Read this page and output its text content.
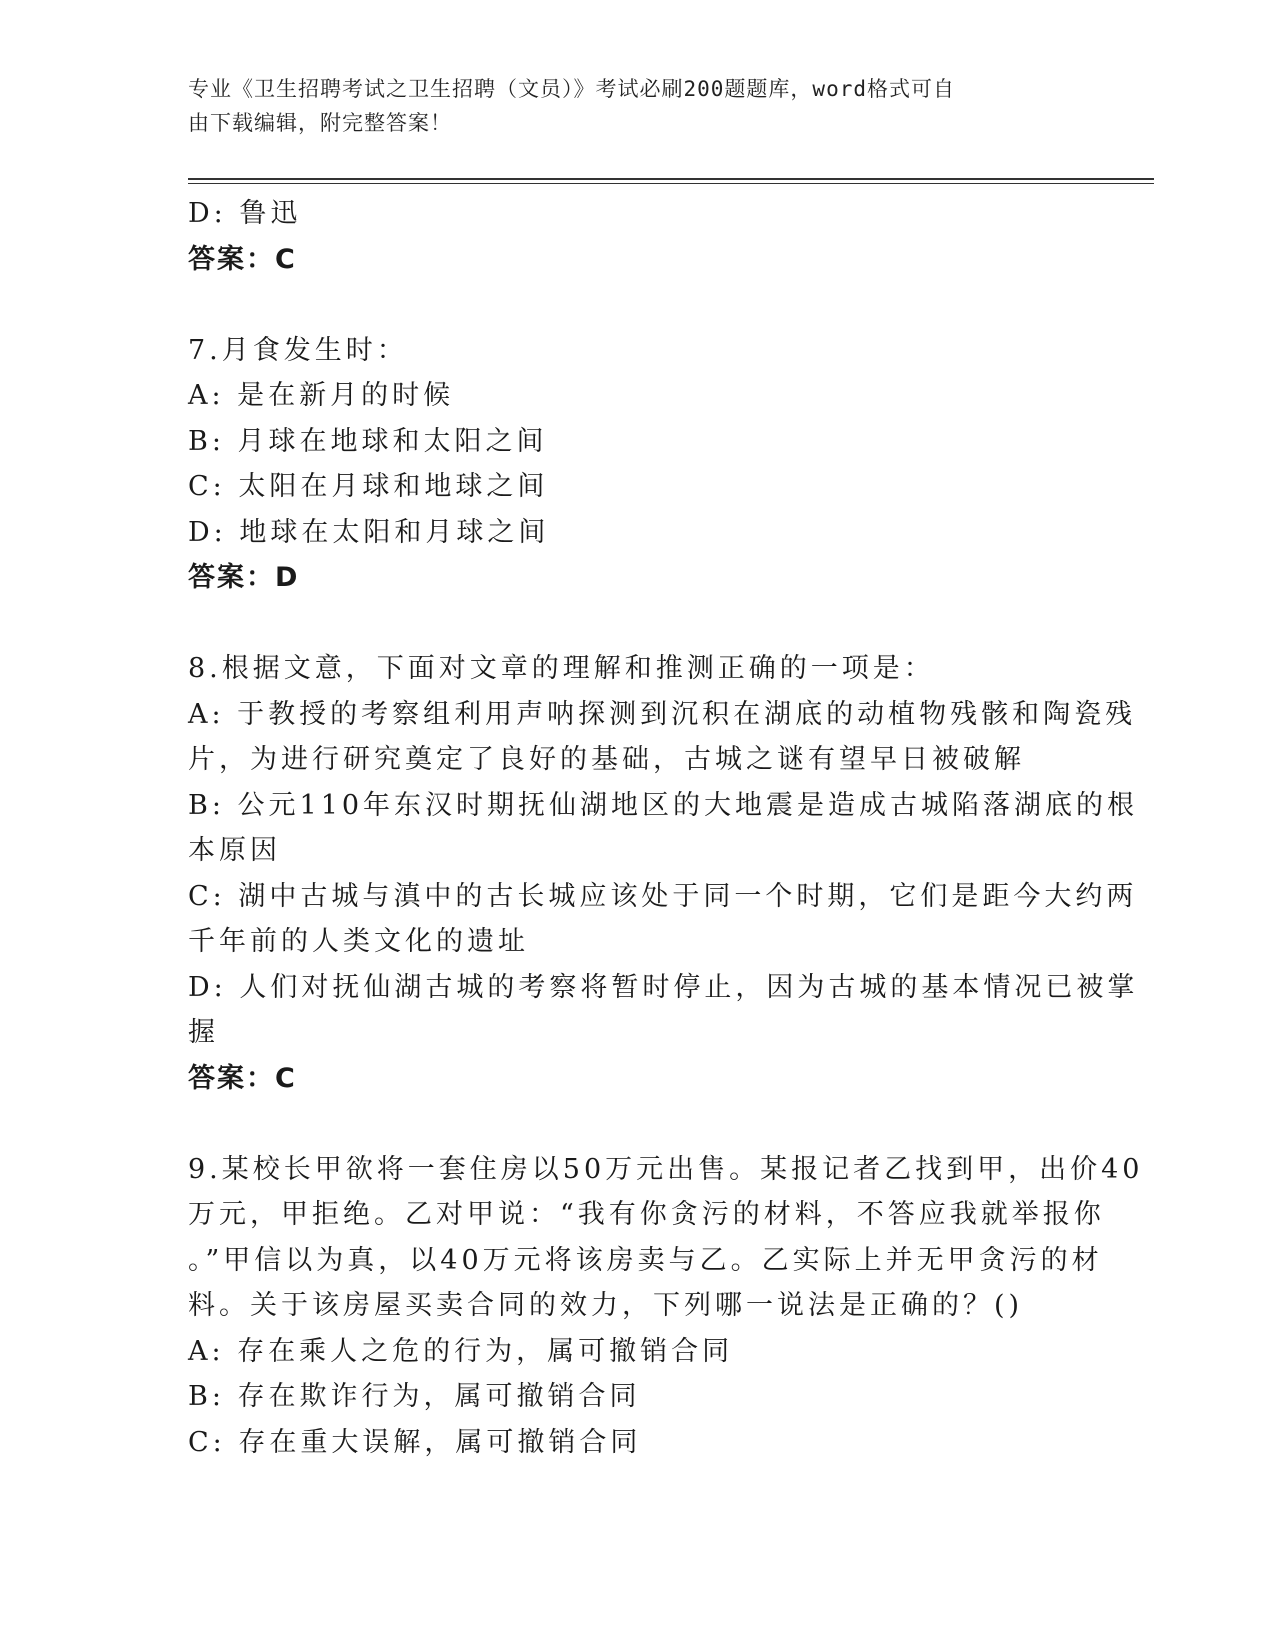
专业《卫生招聘考试之卫生招聘（文员）》考试必刷200题题库，word格式可自
由下载编辑，附完整答案！
D: 鲁迅
答案：C
7.月食发生时：
A: 是在新月的时候
B: 月球在地球和太阳之间
C: 太阳在月球和地球之间
D: 地球在太阳和月球之间
答案：D
8.根据文意，下面对文章的理解和推测正确的一项是：
A: 于教授的考察组利用声呐探测到沉积在湖底的动植物残骸和陶瓷残
片，为进行研究奠定了良好的基础，古城之谜有望早日被破解
B: 公元110年东汉时期抚仙湖地区的大地震是造成古城陷落湖底的根
本原因
C: 湖中古城与滇中的古长城应该处于同一个时期，它们是距今大约两
千年前的人类文化的遗址
D: 人们对抚仙湖古城的考察将暂时停止，因为古城的基本情况已被掌
握
答案：C
9.某校长甲欲将一套住房以50万元出售。某报记者乙找到甲，出价40
万元，甲拒绝。乙对甲说：“我有你贪污的材料，不答应我就举报你
。”甲信以为真，以40万元将该房卖与乙。乙实际上并无甲贪污的材
料。关于该房屋买卖合同的效力，下列哪一说法是正确的？()
A: 存在乘人之危的行为，属可撤销合同
B: 存在欺诈行为，属可撤销合同
C: 存在重大误解，属可撤销合同
